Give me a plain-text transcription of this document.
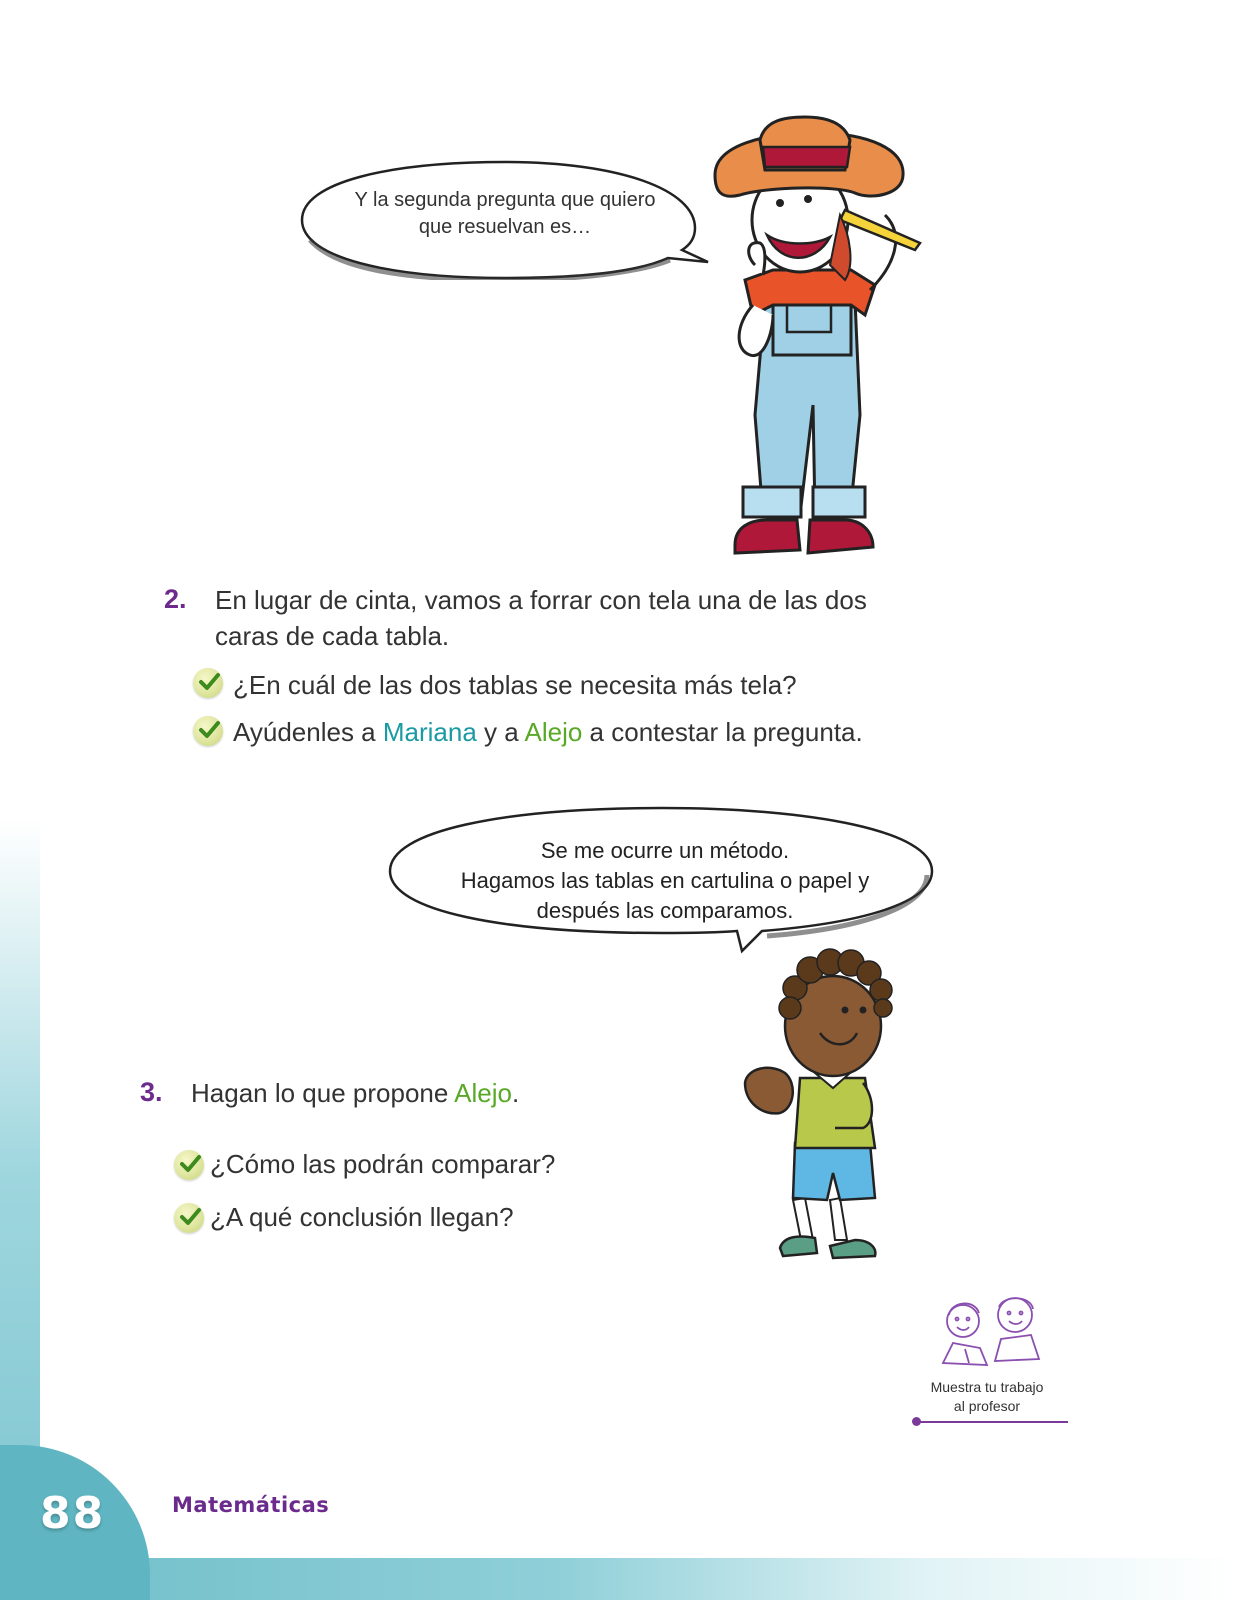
88	Matemáticas
Y la segunda pregunta que quiero
que resuelvan es…
2. En lugar de cinta, vamos a forrar con tela una de las dos
caras de cada tabla.
¿En cuál de las dos tablas se necesita más tela?
Ayúdenles a Mariana y a Alejo a contestar la pregunta.
Se me ocurre un método.
Hagamos las tablas en cartulina o papel y
después las comparamos.
3. Hagan lo que propone Alejo.
¿Cómo las podrán comparar?
¿A qué conclusión llegan?
Muestra tu trabajo
al profesor
